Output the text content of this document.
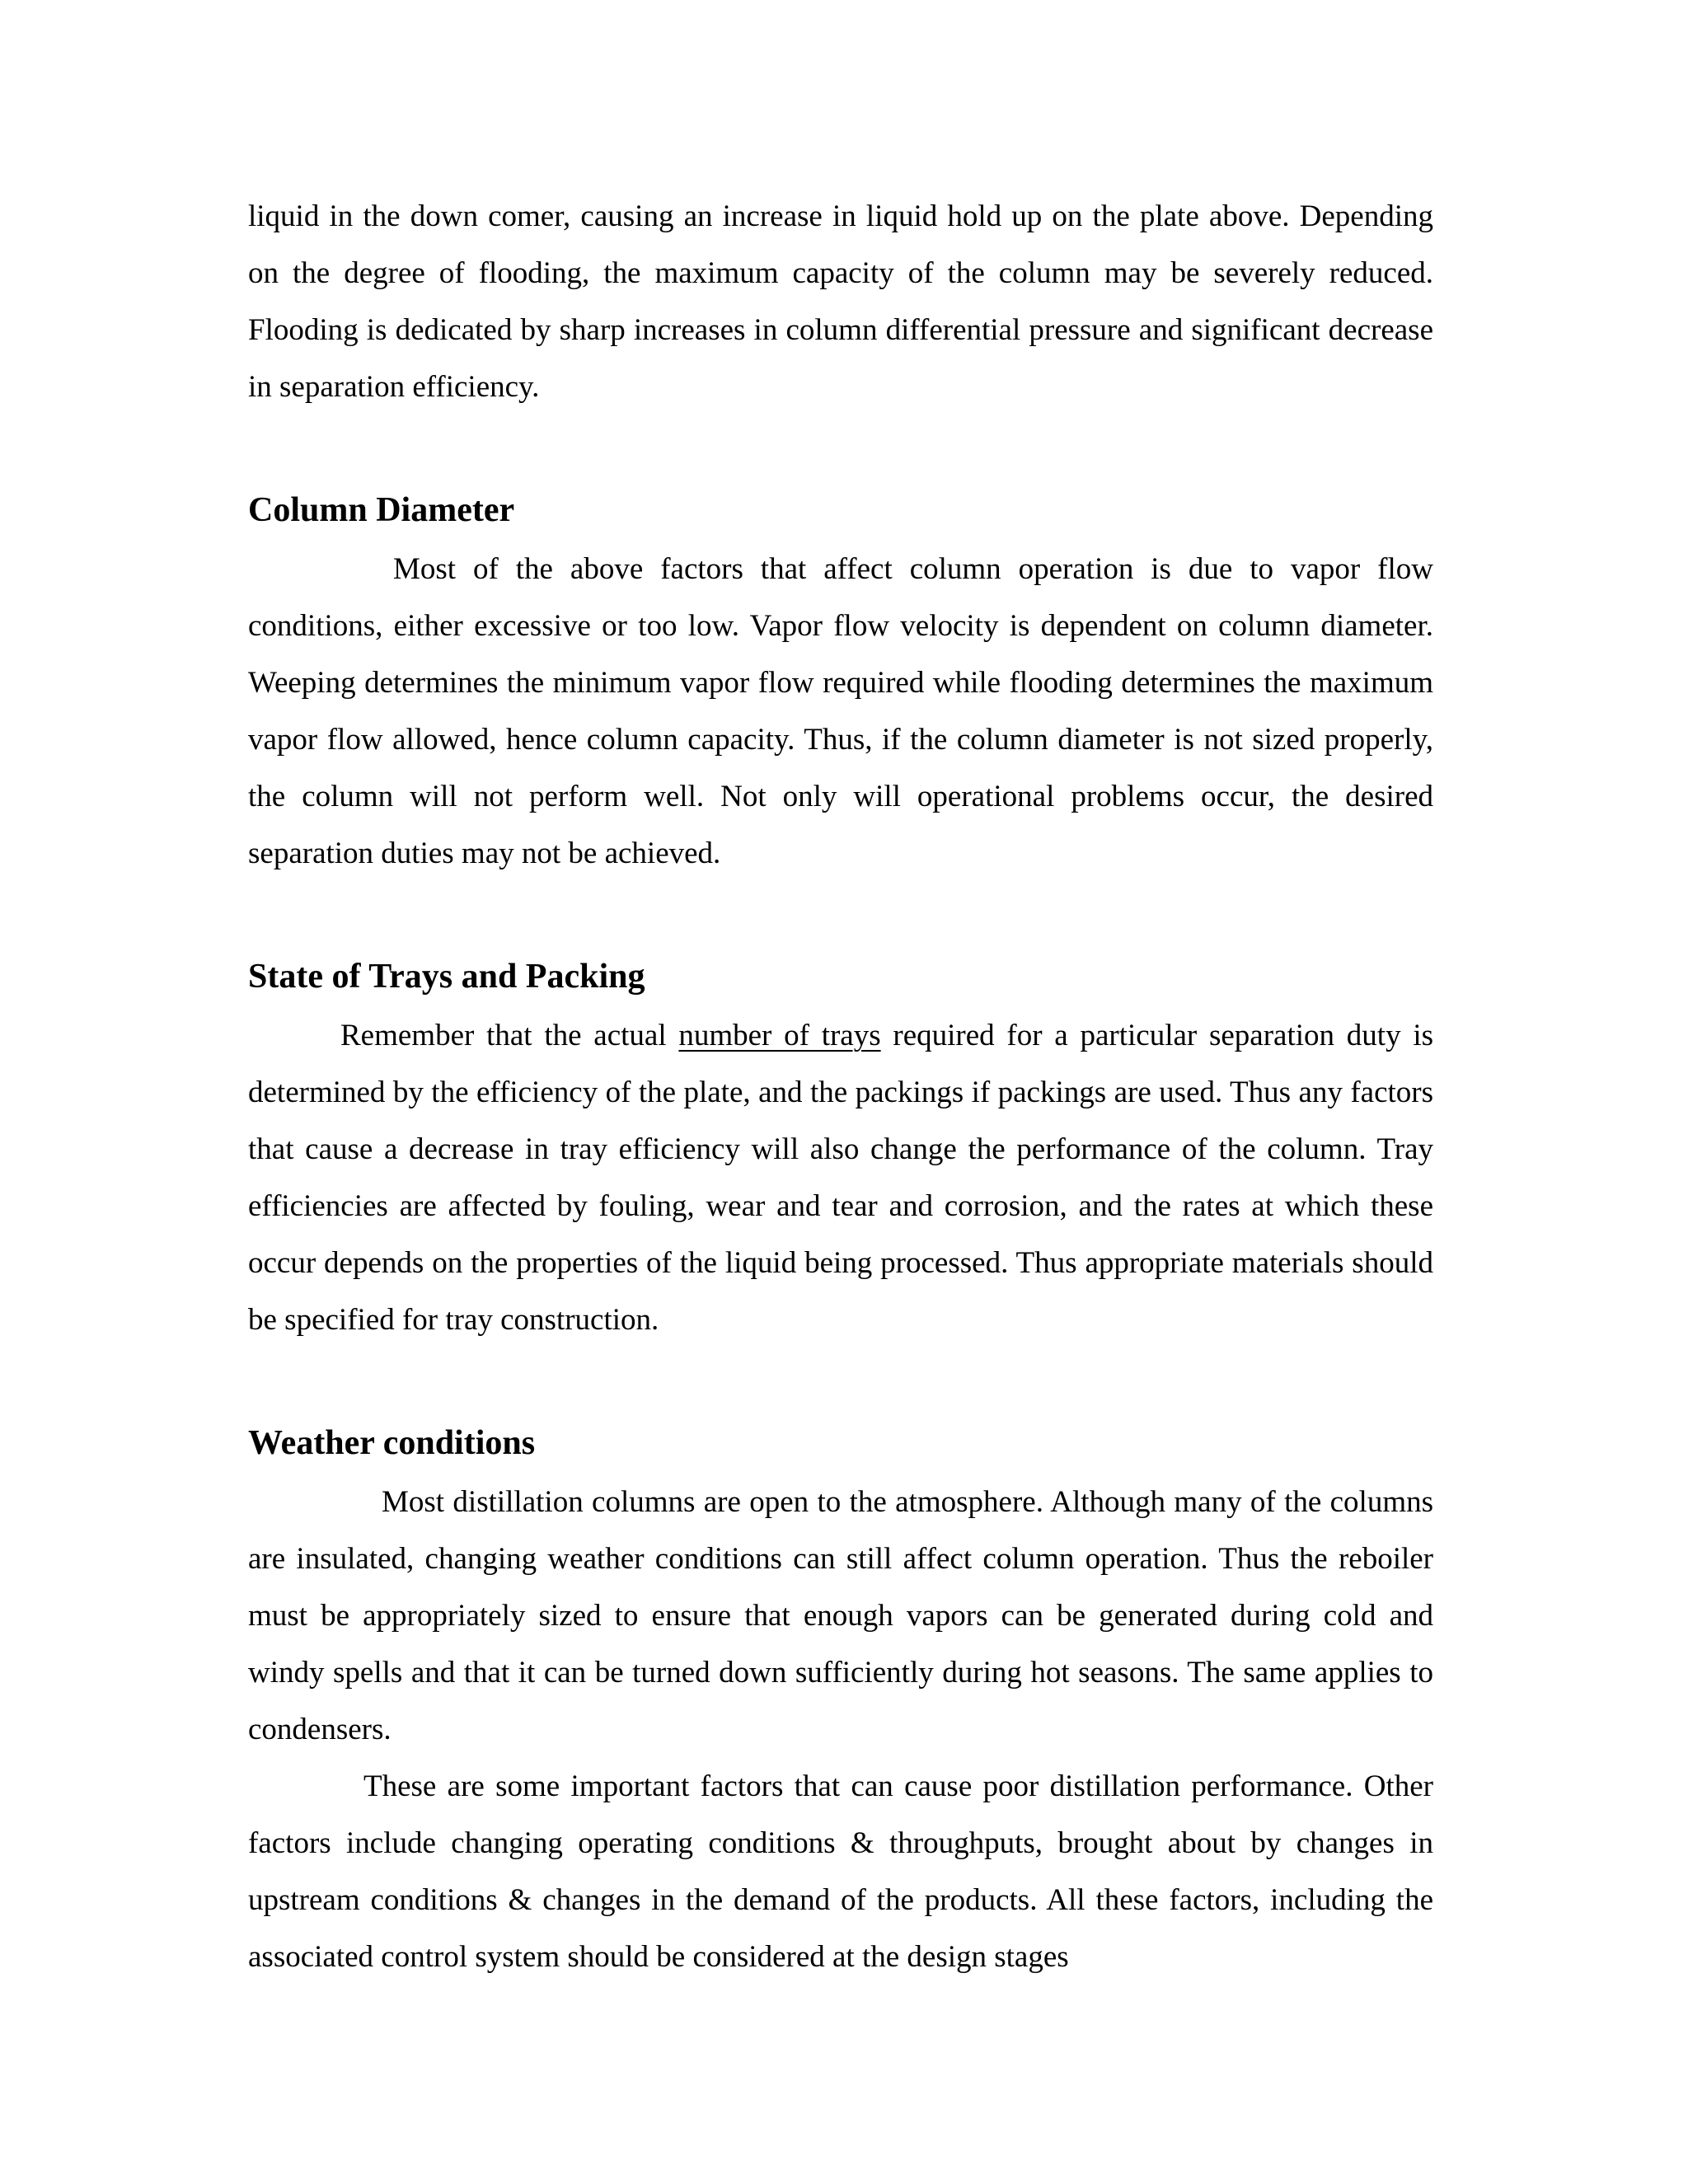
liquid in the down comer, causing an increase in liquid hold up on the plate above. Depending on the degree of flooding, the maximum capacity of the column may be severely reduced. Flooding is dedicated by sharp increases in column differential pressure and significant decrease in separation efficiency.

Column Diameter

Most of the above factors that affect column operation is due to vapor flow conditions, either excessive or too low. Vapor flow velocity is dependent on column diameter. Weeping determines the minimum vapor flow required while flooding determines the maximum vapor flow allowed, hence column capacity. Thus, if the column diameter is not sized properly, the column will not perform well. Not only will operational problems occur, the desired separation duties may not be achieved.

State of Trays and Packing

Remember that the actual number of trays required for a particular separation duty is determined by the efficiency of the plate, and the packings if packings are used. Thus any factors that cause a decrease in tray efficiency will also change the performance of the column. Tray efficiencies are affected by fouling, wear and tear and corrosion, and the rates at which these occur depends on the properties of the liquid being processed. Thus appropriate materials should be specified for tray construction.

Weather conditions

Most distillation columns are open to the atmosphere. Although many of the columns are insulated, changing weather conditions can still affect column operation. Thus the reboiler must be appropriately sized to ensure that enough vapors can be generated during cold and windy spells and that it can be turned down sufficiently during hot seasons. The same applies to condensers.

These are some important factors that can cause poor distillation performance. Other factors include changing operating conditions & throughputs, brought about by changes in upstream conditions & changes in the demand of the products. All these factors, including the associated control system should be considered at the design stages
